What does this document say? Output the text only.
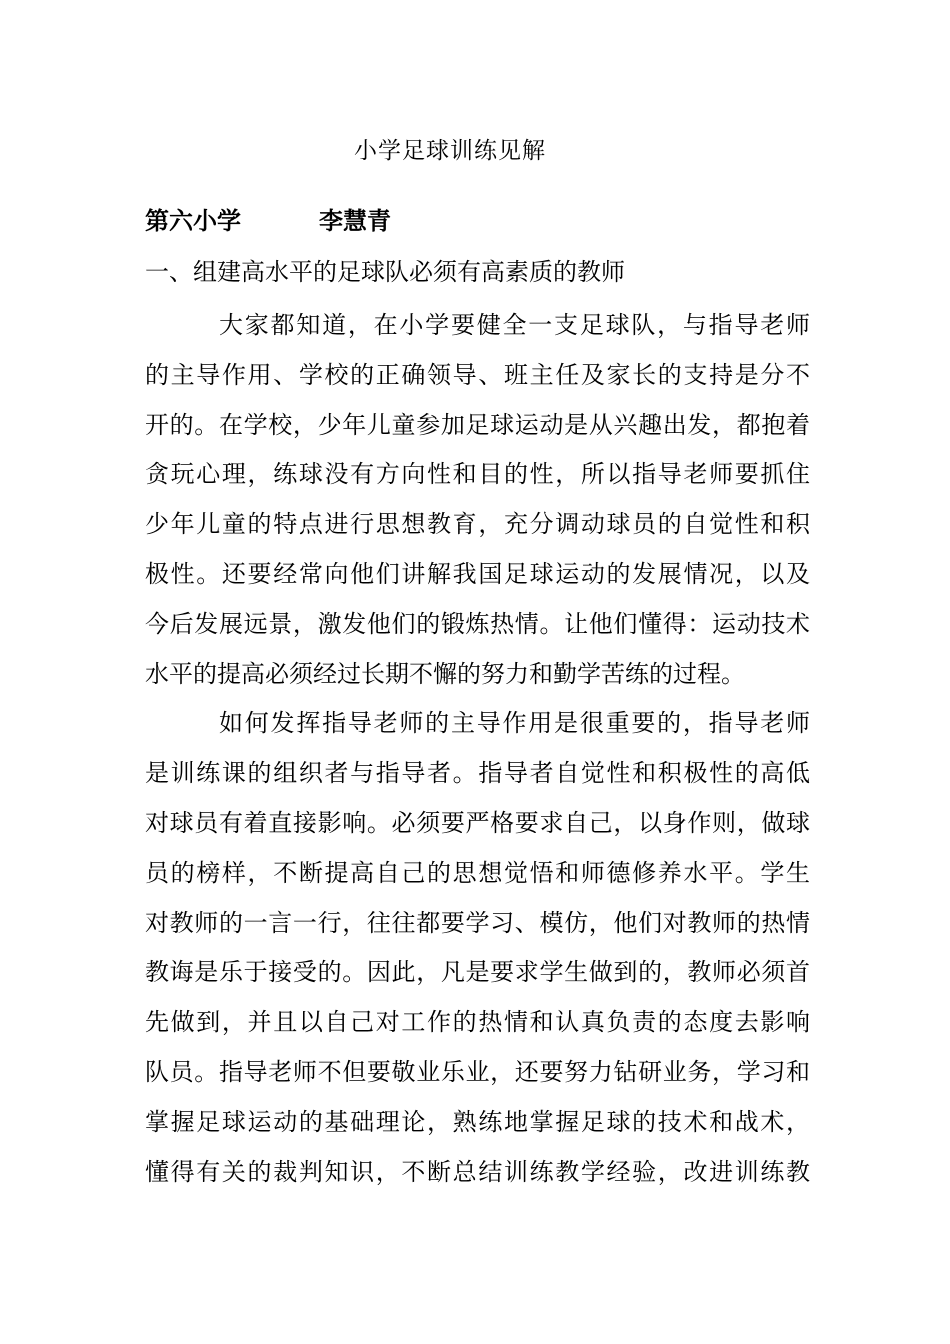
小学足球训练见解
第六小学	李慧青
一、组建高水平的足球队必须有高素质的教师
大家都知道，在小学要健全一支足球队，与指导老师
的主导作用、学校的正确领导、班主任及家长的支持是分不
开的。在学校，少年儿童参加足球运动是从兴趣出发，都抱着
贪玩心理，练球没有方向性和目的性，所以指导老师要抓住
少年儿童的特点进行思想教育，充分调动球员的自觉性和积
极性。还要经常向他们讲解我国足球运动的发展情况，以及
今后发展远景，激发他们的锻炼热情。让他们懂得：运动技术
水平的提高必须经过长期不懈的努力和勤学苦练的过程。
如何发挥指导老师的主导作用是很重要的，指导老师
是训练课的组织者与指导者。指导者自觉性和积极性的高低
对球员有着直接影响。必须要严格要求自己，以身作则，做球
员的榜样，不断提高自己的思想觉悟和师德修养水平。学生
对教师的一言一行，往往都要学习、模仿，他们对教师的热情
教诲是乐于接受的。因此，凡是要求学生做到的，教师必须首
先做到，并且以自己对工作的热情和认真负责的态度去影响
队员。指导老师不但要敬业乐业，还要努力钻研业务，学习和
掌握足球运动的基础理论，熟练地掌握足球的技术和战术，
懂得有关的裁判知识，不断总结训练教学经验，改进训练教
